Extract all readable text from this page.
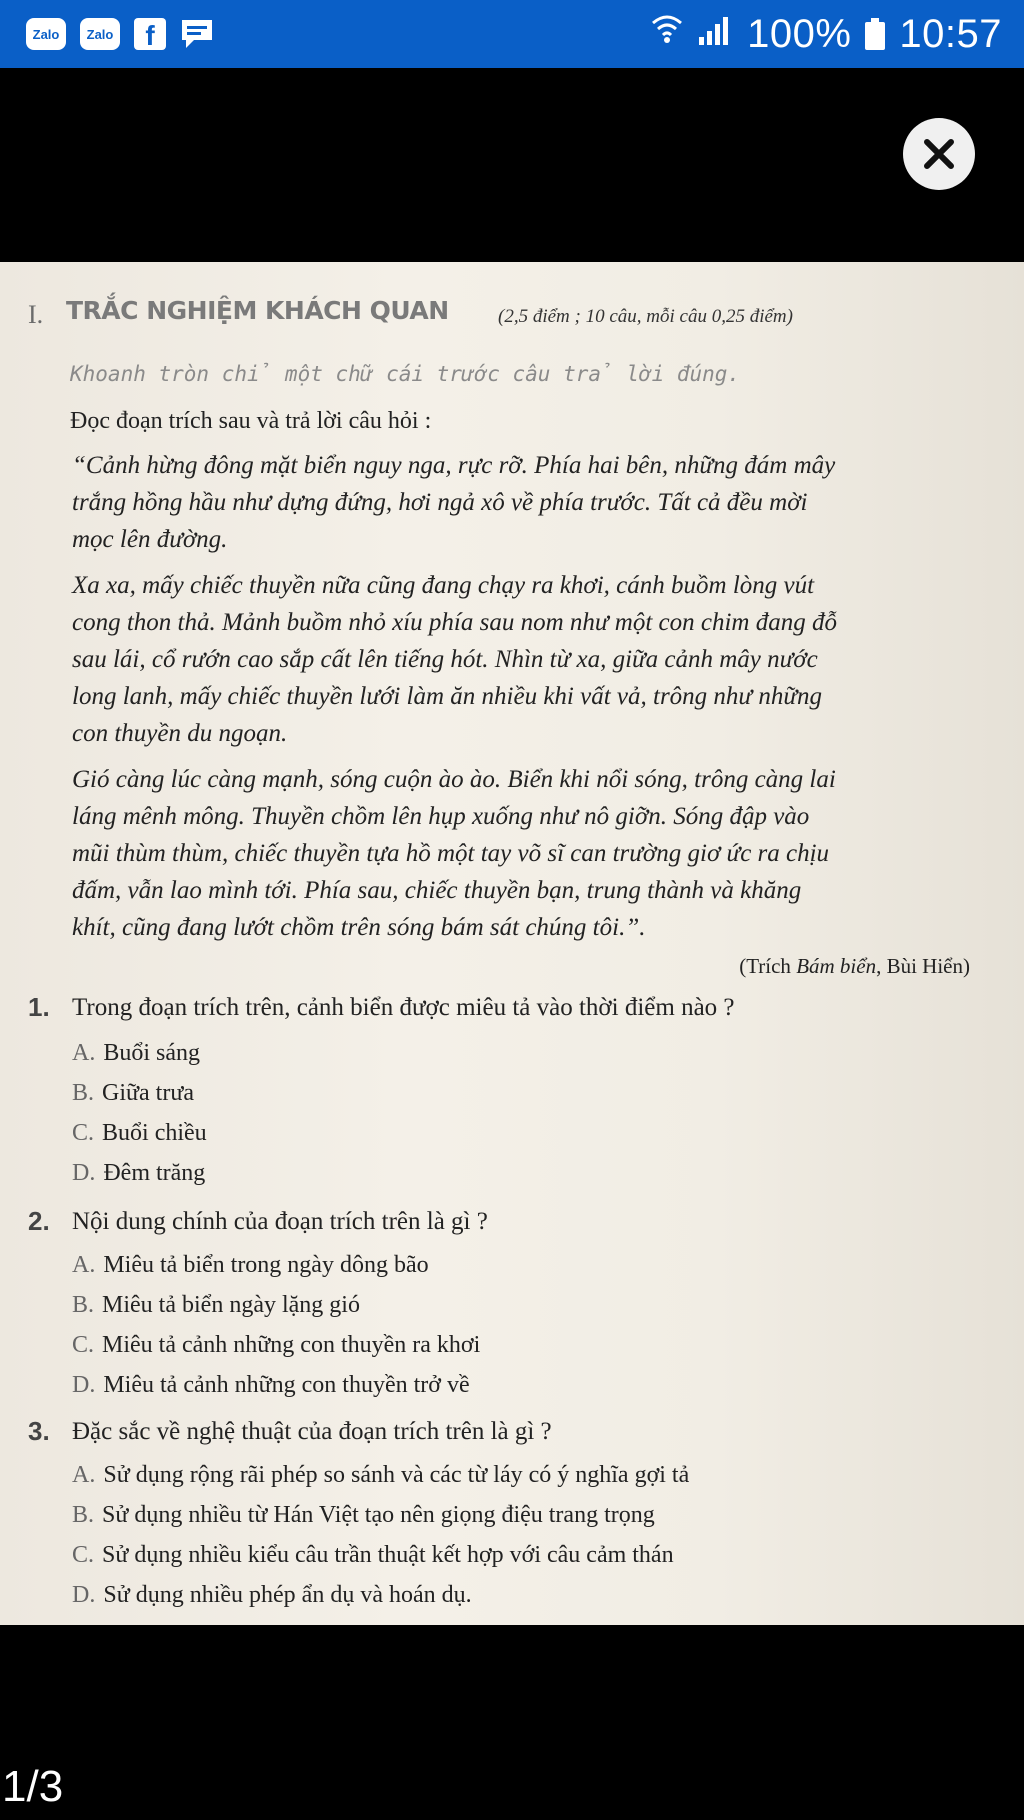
Zalo	Zalo	f	100% 10:57
I. TRẮC NGHIỆM KHÁCH QUAN	(2,5 điểm ; 10 câu, mỗi câu 0,25 điểm)
Khoanh tròn chỉ một chữ cái trước câu trả lời đúng.
Đọc đoạn trích sau và trả lời câu hỏi :
“Cảnh hừng đông mặt biển nguy nga, rực rỡ. Phía hai bên, những đám mây
trắng hồng hầu như dựng đứng, hơi ngả xô về phía trước. Tất cả đều mời
mọc lên đường.
Xa xa, mấy chiếc thuyền nữa cũng đang chạy ra khơi, cánh buồm lòng vút
cong thon thả. Mảnh buồm nhỏ xíu phía sau nom như một con chim đang đỗ
sau lái, cổ rướn cao sắp cất lên tiếng hót. Nhìn từ xa, giữa cảnh mây nước
long lanh, mấy chiếc thuyền lưới làm ăn nhiều khi vất vả, trông như những
con thuyền du ngoạn.
Gió càng lúc càng mạnh, sóng cuộn ào ào. Biển khi nổi sóng, trông càng lai
láng mênh mông. Thuyền chồm lên hụp xuống như nô giỡn. Sóng đập vào
mũi thùm thùm, chiếc thuyền tựa hồ một tay võ sĩ can trường giơ ức ra chịu
đấm, vẫn lao mình tới. Phía sau, chiếc thuyền bạn, trung thành và khăng
khít, cũng đang lướt chồm trên sóng bám sát chúng tôi.”.
(Trích Bám biển, Bùi Hiển)
1. Trong đoạn trích trên, cảnh biển được miêu tả vào thời điểm nào ?
A. Buổi sáng
B. Giữa trưa
C. Buổi chiều
D. Đêm trăng
2. Nội dung chính của đoạn trích trên là gì ?
A. Miêu tả biển trong ngày dông bão
B. Miêu tả biển ngày lặng gió
C. Miêu tả cảnh những con thuyền ra khơi
D. Miêu tả cảnh những con thuyền trở về
3. Đặc sắc về nghệ thuật của đoạn trích trên là gì ?
A. Sử dụng rộng rãi phép so sánh và các từ láy có ý nghĩa gợi tả
B. Sử dụng nhiều từ Hán Việt tạo nên giọng điệu trang trọng
C. Sử dụng nhiều kiểu câu trần thuật kết hợp với câu cảm thán
D. Sử dụng nhiều phép ẩn dụ và hoán dụ.
1/3
